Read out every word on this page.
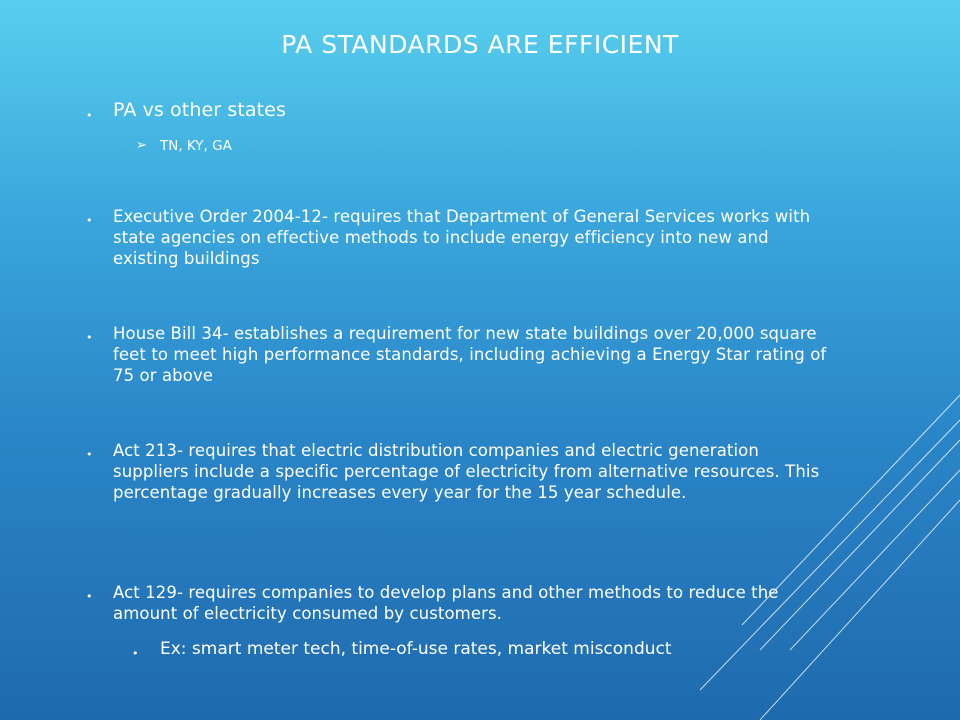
PA STANDARDS ARE EFFICIENT
• PA vs other states
➢ TN, KY, GA
• Executive Order 2004-12- requires that Department of General Services works with state agencies on effective methods to include energy efficiency into new and existing buildings
• House Bill 34- establishes a requirement for new state buildings over 20,000 square feet to meet high performance standards, including achieving a Energy Star rating of 75 or above
• Act 213- requires that electric distribution companies and electric generation suppliers include a specific percentage of electricity from alternative resources. This percentage gradually increases every year for the 15 year schedule.
• Act 129- requires companies to develop plans and other methods to reduce the amount of electricity consumed by customers.
• Ex: smart meter tech, time-of-use rates, market misconduct
